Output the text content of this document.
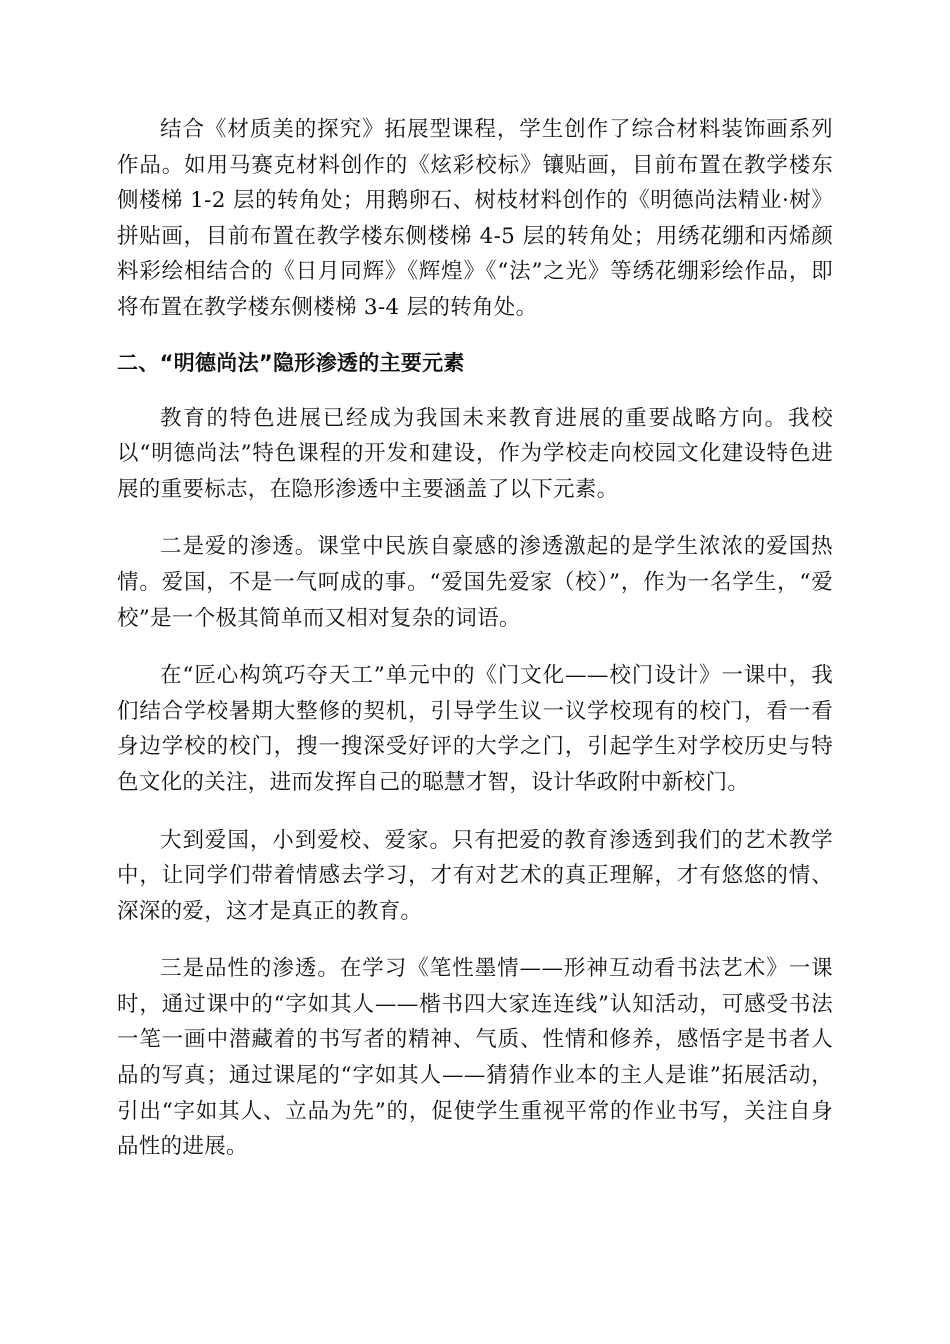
结合《材质美的探究》拓展型课程，学生创作了综合材料装饰画系列作品。如用马赛克材料创作的《炫彩校标》镶贴画，目前布置在教学楼东侧楼梯 1-2 层的转角处；用鹅卵石、树枝材料创作的《明德尚法精业·树》拼贴画，目前布置在教学楼东侧楼梯 4-5 层的转角处；用绣花绷和丙烯颜料彩绘相结合的《日月同辉》《辉煌》《“法”之光》等绣花绷彩绘作品，即将布置在教学楼东侧楼梯 3-4 层的转角处。

二、“明德尚法”隐形渗透的主要元素

教育的特色进展已经成为我国未来教育进展的重要战略方向。我校以“明德尚法”特色课程的开发和建设，作为学校走向校园文化建设特色进展的重要标志，在隐形渗透中主要涵盖了以下元素。

二是爱的渗透。课堂中民族自豪感的渗透激起的是学生浓浓的爱国热情。爱国，不是一气呵成的事。“爱国先爱家（校）”，作为一名学生，“爱校”是一个极其简单而又相对复杂的词语。

在“匠心构筑巧夺天工”单元中的《门文化——校门设计》一课中，我们结合学校暑期大整修的契机，引导学生议一议学校现有的校门，看一看身边学校的校门，搜一搜深受好评的大学之门，引起学生对学校历史与特色文化的关注，进而发挥自己的聪慧才智，设计华政附中新校门。

大到爱国，小到爱校、爱家。只有把爱的教育渗透到我们的艺术教学中，让同学们带着情感去学习，才有对艺术的真正理解，才有悠悠的情、深深的爱，这才是真正的教育。

三是品性的渗透。在学习《笔性墨情——形神互动看书法艺术》一课时，通过课中的“字如其人——楷书四大家连连线”认知活动，可感受书法一笔一画中潜藏着的书写者的精神、气质、性情和修养，感悟字是书者人品的写真；通过课尾的“字如其人——猜猜作业本的主人是谁”拓展活动，引出“字如其人、立品为先”的，促使学生重视平常的作业书写，关注自身品性的进展。
